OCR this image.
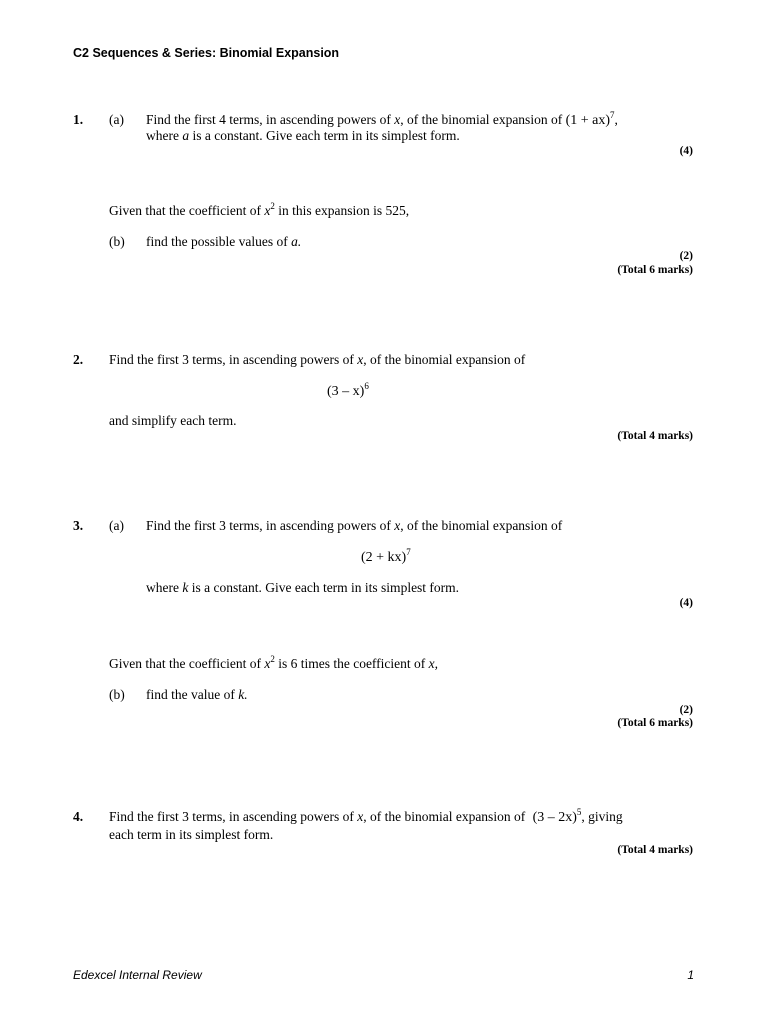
C2 Sequences & Series: Binomial Expansion
1. (a) Find the first 4 terms, in ascending powers of x, of the binomial expansion of (1 + ax)$^7$,
where a is a constant. Give each term in its simplest form.
(4)
Given that the coefficient of $x^2$ in this expansion is 525,
(b) find the possible values of a.
(2)
(Total 6 marks)
2. Find the first 3 terms, in ascending powers of x, of the binomial expansion of
(3 – x)$^6$
and simplify each term.
(Total 4 marks)
3. (a) Find the first 3 terms, in ascending powers of x, of the binomial expansion of
(2 + kx)$^7$
where k is a constant. Give each term in its simplest form.
(4)
Given that the coefficient of $x^2$ is 6 times the coefficient of x,
(b) find the value of k.
(2)
(Total 6 marks)
4. Find the first 3 terms, in ascending powers of x, of the binomial expansion of (3 – 2x)$^5$, giving
each term in its simplest form.
(Total 4 marks)
Edexcel Internal Review	1
